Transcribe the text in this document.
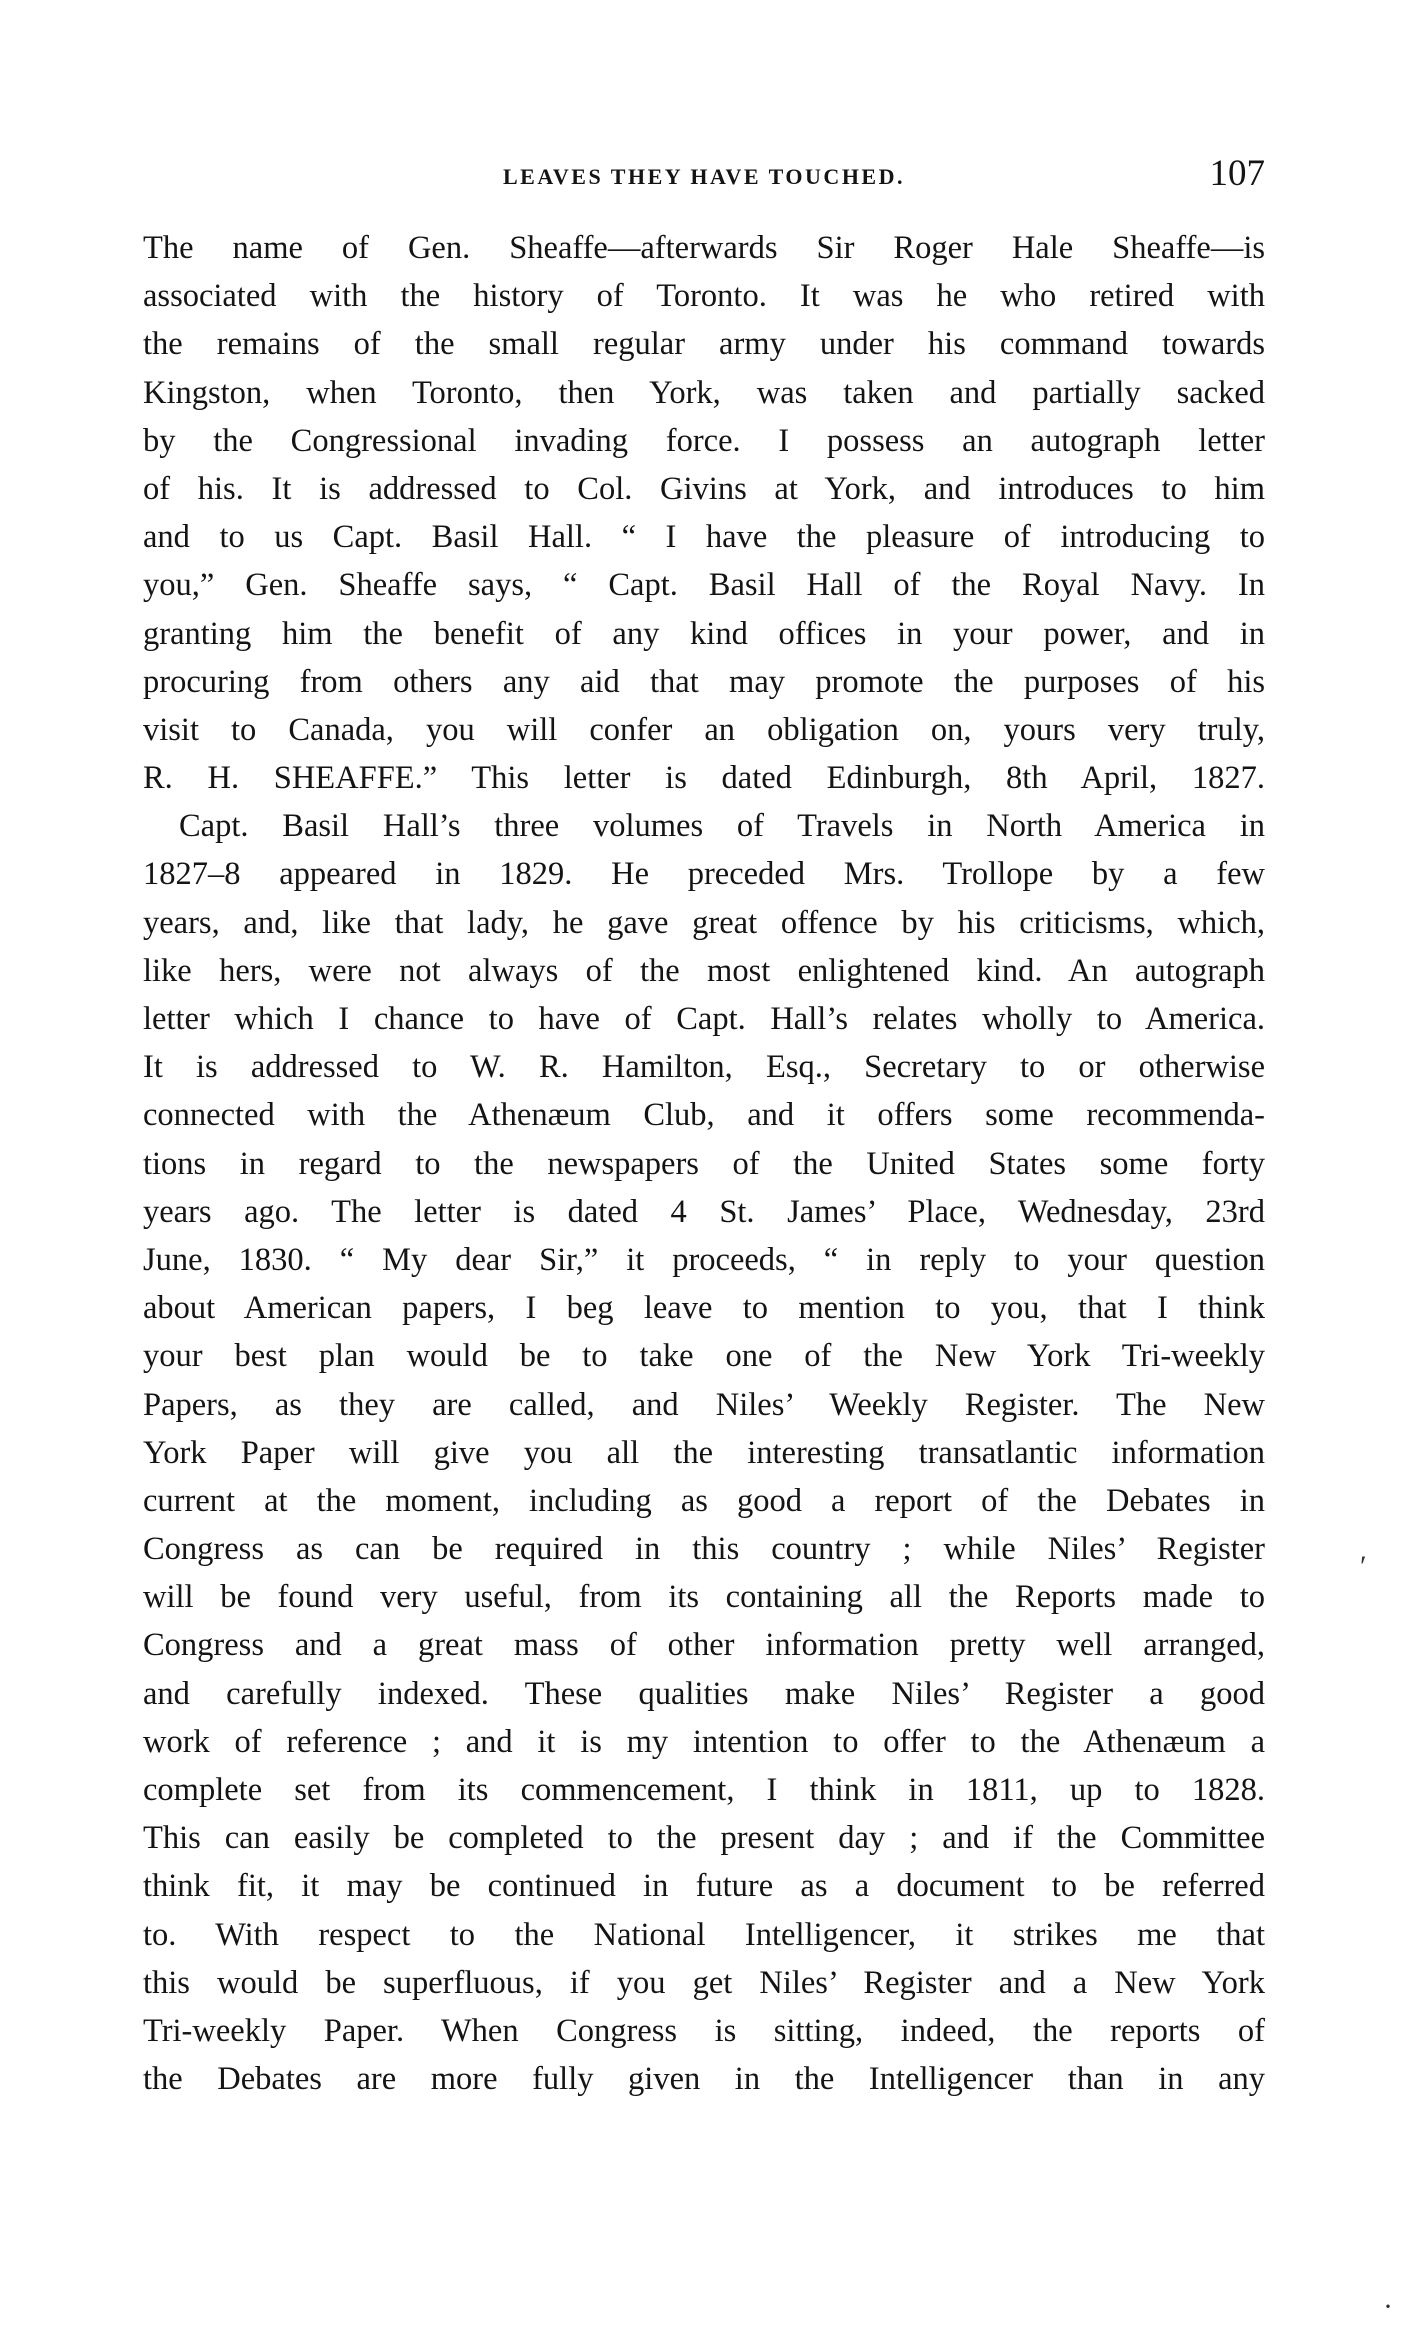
LEAVES THEY HAVE TOUCHED.	107
The name of Gen. Sheaffe—afterwards Sir Roger Hale Sheaffe—is
associated with the history of Toronto. It was he who retired with
the remains of the small regular army under his command towards
Kingston, when Toronto, then York, was taken and partially sacked
by the Congressional invading force. I possess an autograph letter
of his. It is addressed to Col. Givins at York, and introduces to him
and to us Capt. Basil Hall. “ I have the pleasure of introducing to
you,” Gen. Sheaffe says, “ Capt. Basil Hall of the Royal Navy. In
granting him the benefit of any kind offices in your power, and in
procuring from others any aid that may promote the purposes of his
visit to Canada, you will confer an obligation on, yours very truly,
R. H. SHEAFFE.” This letter is dated Edinburgh, 8th April, 1827.
Capt. Basil Hall’s three volumes of Travels in North America in
1827–8 appeared in 1829. He preceded Mrs. Trollope by a few
years, and, like that lady, he gave great offence by his criticisms, which,
like hers, were not always of the most enlightened kind. An autograph
letter which I chance to have of Capt. Hall’s relates wholly to America.
It is addressed to W. R. Hamilton, Esq., Secretary to or otherwise
connected with the Athenæum Club, and it offers some recommenda-
tions in regard to the newspapers of the United States some forty
years ago. The letter is dated 4 St. James’ Place, Wednesday, 23rd
June, 1830. “ My dear Sir,” it proceeds, “ in reply to your question
about American papers, I beg leave to mention to you, that I think
your best plan would be to take one of the New York Tri-weekly
Papers, as they are called, and Niles’ Weekly Register. The New
York Paper will give you all the interesting transatlantic information
current at the moment, including as good a report of the Debates in
Congress as can be required in this country ; while Niles’ Register
will be found very useful, from its containing all the Reports made to
Congress and a great mass of other information pretty well arranged,
and carefully indexed. These qualities make Niles’ Register a good
work of reference ; and it is my intention to offer to the Athenæum a
complete set from its commencement, I think in 1811, up to 1828.
This can easily be completed to the present day ; and if the Committee
think fit, it may be continued in future as a document to be referred
to. With respect to the National Intelligencer, it strikes me that
this would be superfluous, if you get Niles’ Register and a New York
Tri-weekly Paper. When Congress is sitting, indeed, the reports of
the Debates are more fully given in the Intelligencer than in any
ʹ
·
